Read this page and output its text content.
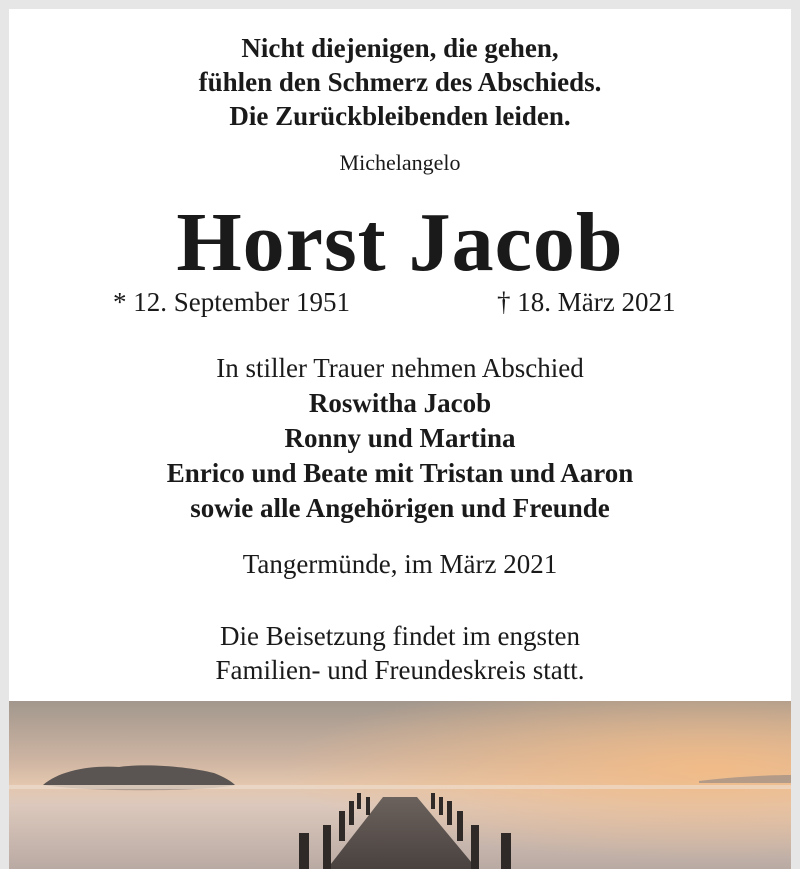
Nicht diejenigen, die gehen,
fühlen den Schmerz des Abschieds.
Die Zurückbleibenden leiden.
Michelangelo
Horst Jacob
* 12. September 1951	† 18. März 2021
In stiller Trauer nehmen Abschied
Roswitha Jacob
Ronny und Martina
Enrico und Beate mit Tristan und Aaron
sowie alle Angehörigen und Freunde
Tangermünde, im März 2021
Die Beisetzung findet im engsten
Familien- und Freundeskreis statt.
